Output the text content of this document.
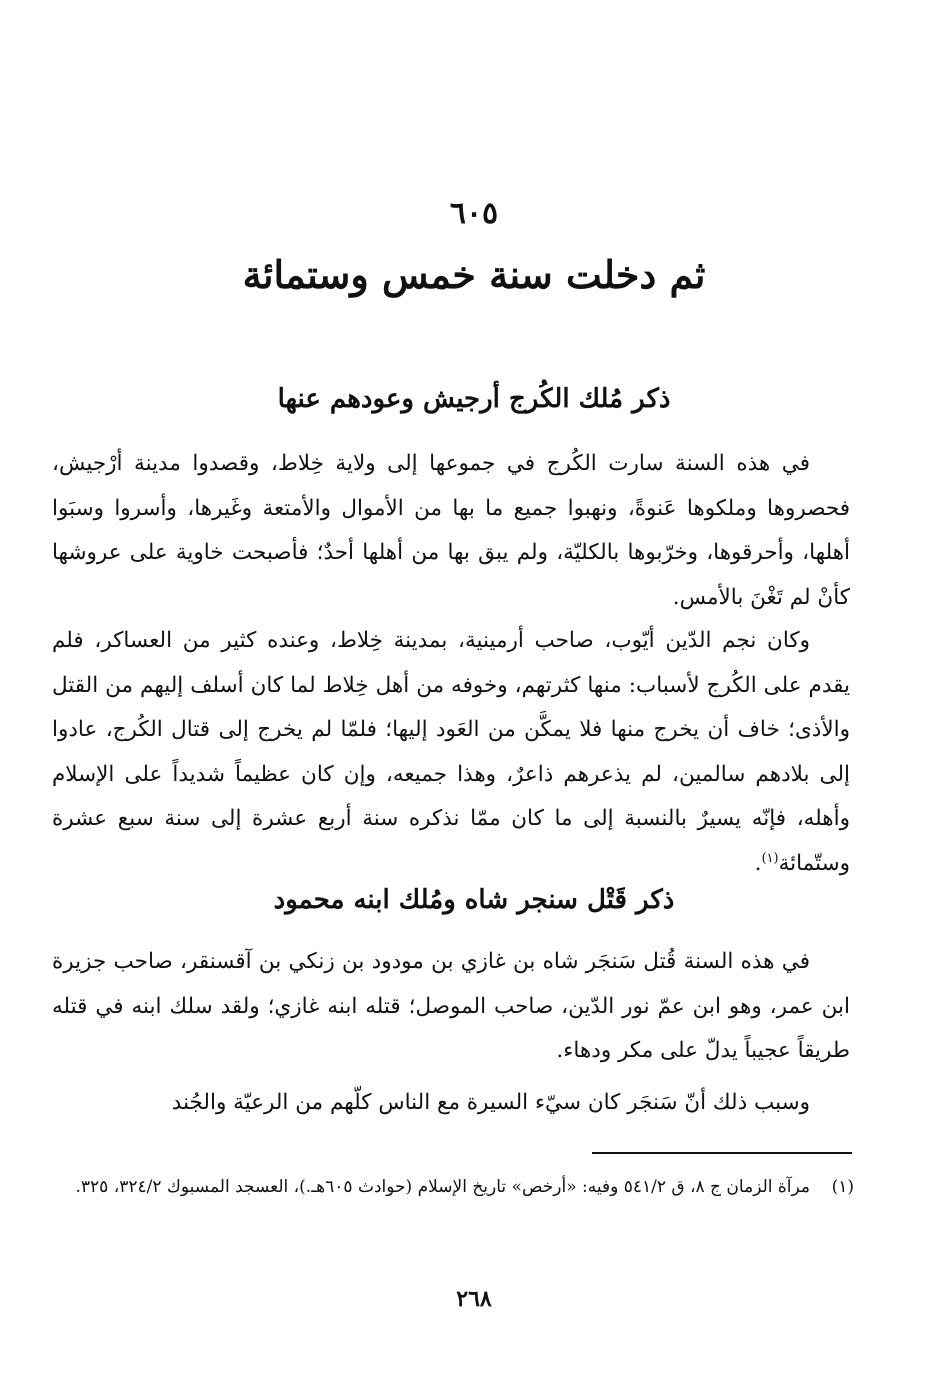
٦٠٥
ثم دخلت سنة خمس وستمائة
ذكر مُلك الكُرج أرجيش وعودهم عنها
في هذه السنة سارت الكُرج في جموعها إلى ولاية خِلاط، وقصدوا مدينة أرْجيش، فحصروها وملكوها عَنوةً، ونهبوا جميع ما بها من الأموال والأمتعة وغَيرها، وأسروا وسبَوا أهلها، وأحرقوها، وخرّبوها بالكليّة، ولم يبق بها من أهلها أحدٌ؛ فأصبحت خاوية على عروشها كأنْ لم تَغْنَ بالأمس.
وكان نجم الدّين أيّوب، صاحب أرمينية، بمدينة خِلاط، وعنده كثير من العساكر، فلم يقدم على الكُرج لأسباب: منها كثرتهم، وخوفه من أهل خِلاط لما كان أسلف إليهم من القتل والأذى؛ خاف أن يخرج منها فلا يمكَّن من العَود إليها؛ فلمّا لم يخرج إلى قتال الكُرج، عادوا إلى بلادهم سالمين، لم يذعرهم ذاعرٌ، وهذا جميعه، وإن كان عظيماً شديداً على الإسلام وأهله، فإنّه يسيرٌ بالنسبة إلى ما كان ممّا نذكره سنة أربع عشرة إلى سنة سبع عشرة وستّمائة$^{(١)}$.
ذكر قَتْل سنجر شاه ومُلك ابنه محمود
في هذه السنة قُتل سَنجَر شاه بن غازي بن مودود بن زنكي بن آقسنقر، صاحب جزيرة ابن عمر، وهو ابن عمّ نور الدّين، صاحب الموصل؛ قتله ابنه غازي؛ ولقد سلك ابنه في قتله طريقاً عجيباً يدلّ على مكر ودهاء.
وسبب ذلك أنّ سَنجَر كان سيّء السيرة مع الناس كلّهم من الرعيّة والجُند
(١)مرآة الزمان ج ٨، ق ٥٤١/٢ وفيه: «أرخص» تاريخ الإسلام (حوادث ٦٠٥هـ.)، العسجد المسبوك ٣٢٤/٢، ٣٢٥.
٢٦٨
